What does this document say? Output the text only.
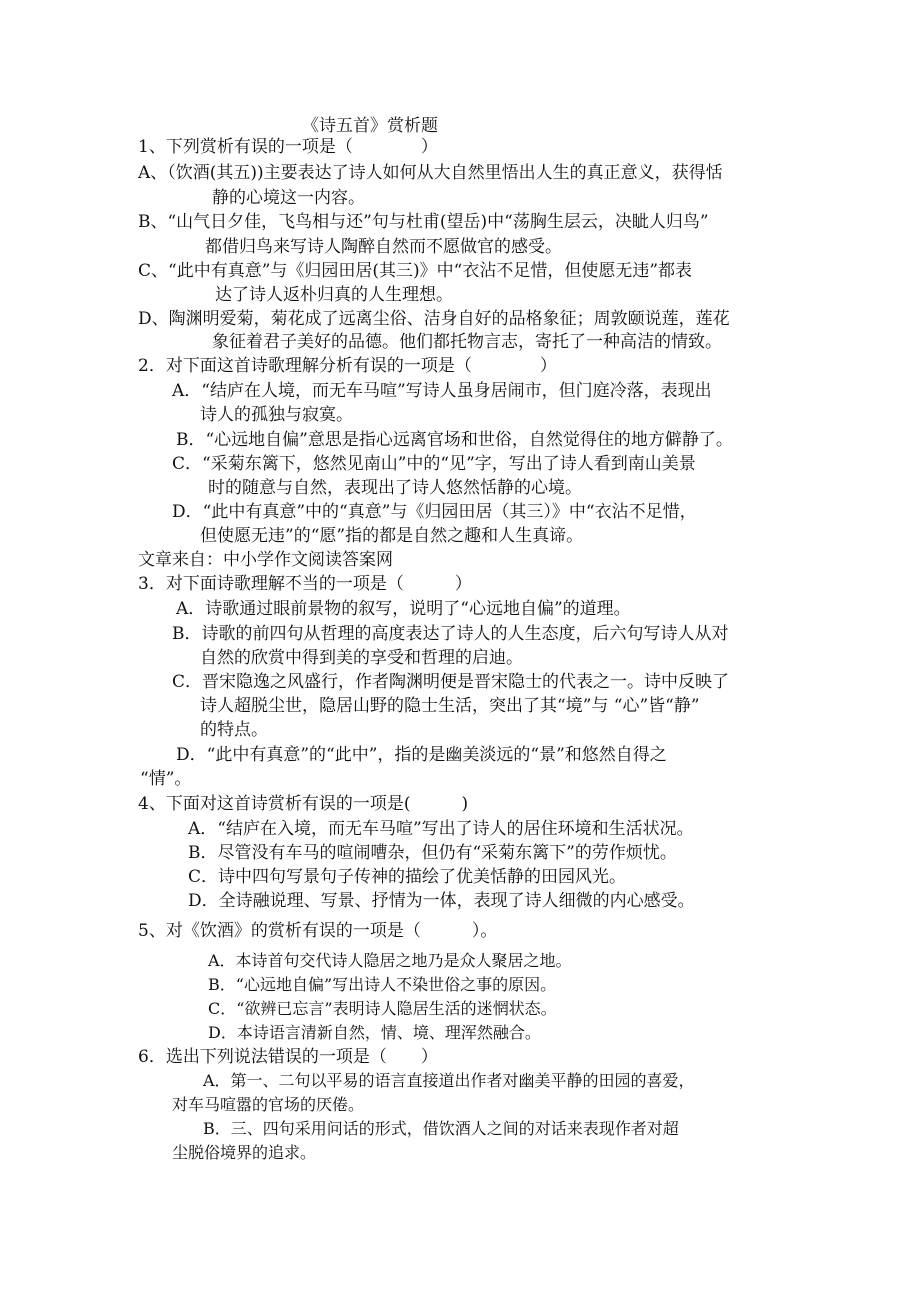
《诗五首》赏析题
1、下列赏析有误的一项是（　　　　）
A、（饮酒(其五))主要表达了诗人如何从大自然里悟出人生的真正意义，获得恬
静的心境这一内容。
B、“山气日夕佳，飞鸟相与还”句与杜甫(望岳)中“荡胸生层云，决眦人归鸟”
都借归鸟来写诗人陶醉自然而不愿做官的感受。
C、“此中有真意”与《归园田居(其三)》中“衣沾不足惜，但使愿无违”都表
达了诗人返朴归真的人生理想。
D、陶渊明爱菊，菊花成了远离尘俗、洁身自好的品格象征；周敦颐说莲，莲花
象征着君子美好的品德。他们都托物言志，寄托了一种高洁的情致。
2．对下面这首诗歌理解分析有误的一项是（　　　　）
A．“结庐在人境，而无车马喧”写诗人虽身居闹市，但门庭冷落，表现出
诗人的孤独与寂寞。
B．“心远地自偏”意思是指心远离官场和世俗，自然觉得住的地方僻静了。
C．“采菊东篱下，悠然见南山”中的“见”字，写出了诗人看到南山美景
时的随意与自然，表现出了诗人悠然恬静的心境。
D．“此中有真意”中的“真意”与《归园田居（其三）》中“衣沾不足惜，
但使愿无违”的“愿”指的都是自然之趣和人生真谛。
文章来自：中小学作文阅读答案网
3．对下面诗歌理解不当的一项是（　　　）
A．诗歌通过眼前景物的叙写，说明了“心远地自偏”的道理。
B．诗歌的前四句从哲理的高度表达了诗人的人生态度，后六句写诗人从对
自然的欣赏中得到美的享受和哲理的启迪。
C．晋宋隐逸之风盛行，作者陶渊明便是晋宋隐士的代表之一。诗中反映了
诗人超脱尘世，隐居山野的隐士生活，突出了其“境”与 “心”皆“静”
的特点。
D．“此中有真意”的“此中”，指的是幽美淡远的“景”和悠然自得之
“情”。
4、下面对这首诗赏析有误的一项是(　　　)
A．“结庐在入境，而无车马喧”写出了诗人的居住环境和生活状况。
B．尽管没有车马的喧闹嘈杂，但仍有“采菊东篱下”的劳作烦忧。
C．诗中四句写景句子传神的描绘了优美恬静的田园风光。
D．全诗融说理、写景、抒情为一体，表现了诗人细微的内心感受。
5、对《饮酒》的赏析有误的一项是（　　　）。
A．本诗首句交代诗人隐居之地乃是众人聚居之地。
B．“心远地自偏”写出诗人不染世俗之事的原因。
C．“欲辨已忘言”表明诗人隐居生活的迷惘状态。
D．本诗语言清新自然，情、境、理浑然融合。
6．选出下列说法错误的一项是（　　）
A．第一、二句以平易的语言直接道出作者对幽美平静的田园的喜爱，
对车马喧嚣的官场的厌倦。
B．三、四句采用问话的形式，借饮酒人之间的对话来表现作者对超
尘脱俗境界的追求。
